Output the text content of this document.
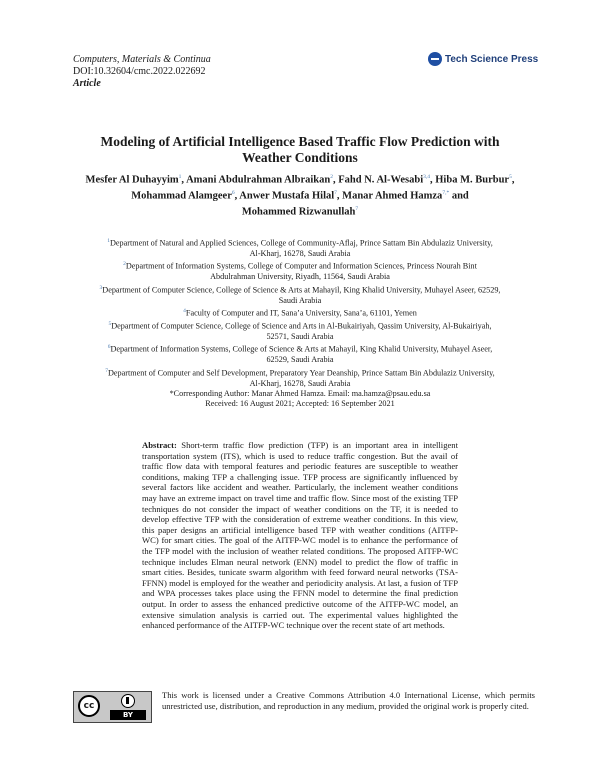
Computers, Materials & Continua
DOI:10.32604/cmc.2022.022692
Article
Tech Science Press
Modeling of Artificial Intelligence Based Traffic Flow Prediction with
Weather Conditions
Mesfer Al Duhayyim$^1$, Amani Abdulrahman Albraikan$^2$, Fahd N. Al-Wesabi$^{3,4}$, Hiba M. Burbur$^5$,
Mohammad Alamgeer$^6$, Anwer Mustafa Hilal$^7$, Manar Ahmed Hamza$^{7,*}$ and
Mohammed Rizwanullah$^7$
$^1$Department of Natural and Applied Sciences, College of Community-Aflaj, Prince Sattam Bin Abdulaziz University,
Al-Kharj, 16278, Saudi Arabia
$^2$Department of Information Systems, College of Computer and Information Sciences, Princess Nourah Bint
Abdulrahman University, Riyadh, 11564, Saudi Arabia
$^3$Department of Computer Science, College of Science & Arts at Mahayil, King Khalid University, Muhayel Aseer, 62529,
Saudi Arabia
$^4$Faculty of Computer and IT, Sana’a University, Sana’a, 61101, Yemen
$^5$Department of Computer Science, College of Science and Arts in Al-Bukairiyah, Qassim University, Al-Bukairiyah,
52571, Saudi Arabia
$^6$Department of Information Systems, College of Science & Arts at Mahayil, King Khalid University, Muhayel Aseer,
62529, Saudi Arabia
$^7$Department of Computer and Self Development, Preparatory Year Deanship, Prince Sattam Bin Abdulaziz University,
Al-Kharj, 16278, Saudi Arabia
*Corresponding Author: Manar Ahmed Hamza. Email: ma.hamza@psau.edu.sa
Received: 16 August 2021; Accepted: 16 September 2021
Abstract: Short-term traffic flow prediction (TFP) is an important area in intelligent transportation system (ITS), which is used to reduce traffic congestion. But the avail of traffic flow data with temporal features and periodic features are susceptible to weather conditions, making TFP a challenging issue. TFP process are significantly influenced by several factors like accident and weather. Particularly, the inclement weather conditions may have an extreme impact on travel time and traffic flow. Since most of the existing TFP techniques do not consider the impact of weather conditions on the TF, it is needed to develop effective TFP with the consideration of extreme weather conditions. In this view, this paper designs an artificial intelligence based TFP with weather conditions (AITFP-WC) for smart cities. The goal of the AITFP-WC model is to enhance the performance of the TFP model with the inclusion of weather related conditions. The proposed AITFP-WC technique includes Elman neural network (ENN) model to predict the flow of traffic in smart cities. Besides, tunicate swarm algorithm with feed forward neural networks (TSA-FFNN) model is employed for the weather and periodicity analysis. At last, a fusion of TFP and WPA processes takes place using the FFNN model to determine the final prediction output. In order to assess the enhanced predictive outcome of the AITFP-WC model, an extensive simulation analysis is carried out. The experimental values highlighted the enhanced performance of the AITFP-WC technique over the recent state of art methods.
cc
BY
This work is licensed under a Creative Commons Attribution 4.0 International License, which permits unrestricted use, distribution, and reproduction in any medium, provided the original work is properly cited.
